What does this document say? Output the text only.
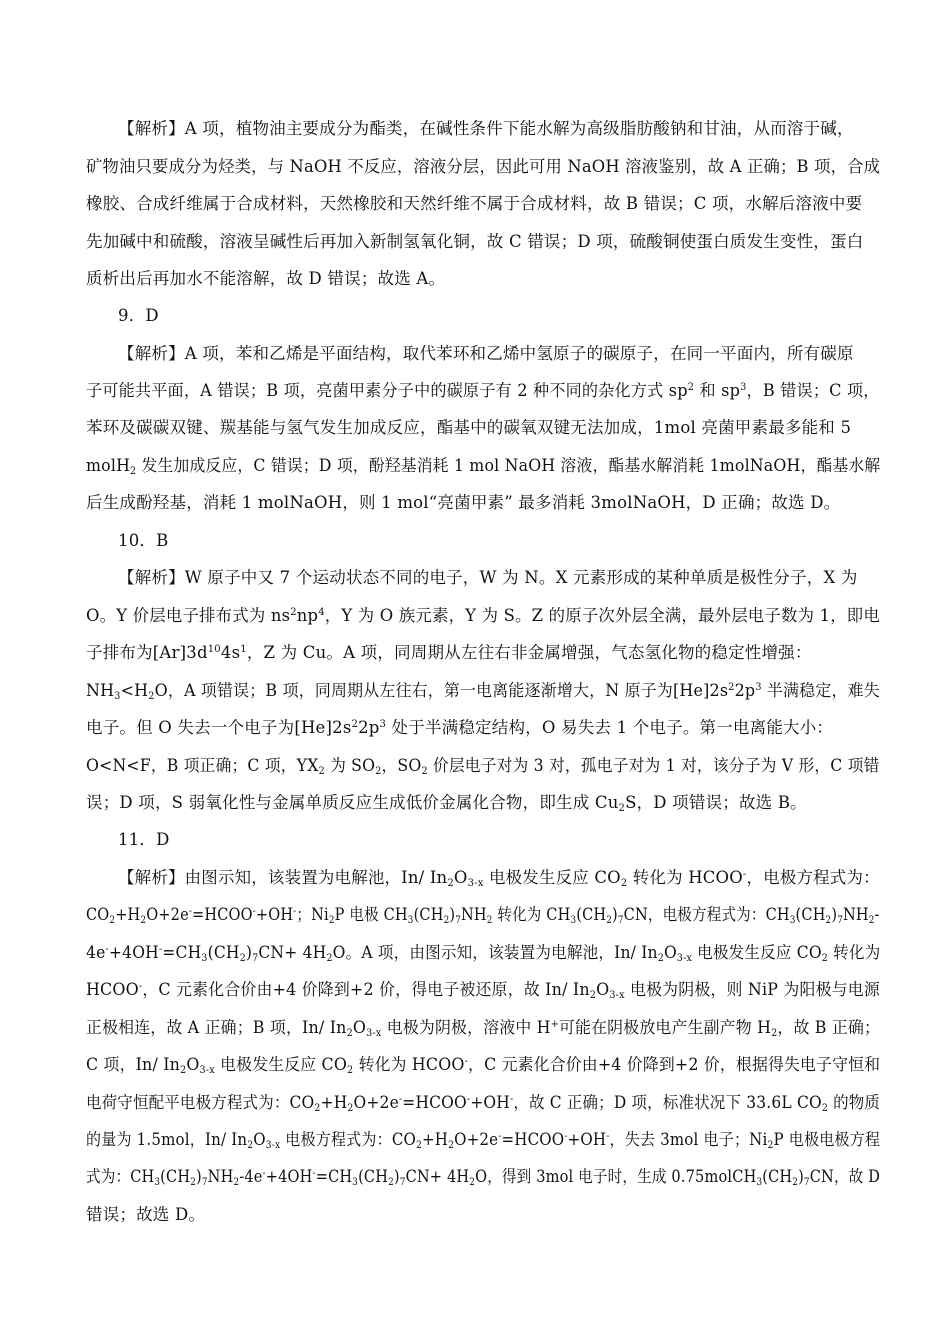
【解析】A 项，植物油主要成分为酯类，在碱性条件下能水解为高级脂肪酸钠和甘油，从而溶于碱，
矿物油只要成分为烃类，与 NaOH 不反应，溶液分层，因此可用 NaOH 溶液鉴别，故 A 正确；B 项，合成
橡胶、合成纤维属于合成材料，天然橡胶和天然纤维不属于合成材料，故 B 错误；C 项，水解后溶液中要
先加碱中和硫酸，溶液呈碱性后再加入新制氢氧化铜，故 C 错误；D 项，硫酸铜使蛋白质发生变性，蛋白
质析出后再加水不能溶解，故 D 错误；故选 A。
9．D
【解析】A 项，苯和乙烯是平面结构，取代苯环和乙烯中氢原子的碳原子，在同一平面内，所有碳原
子可能共平面，A 错误；B 项，亮菌甲素分子中的碳原子有 2 种不同的杂化方式 $sp^2$ 和 $sp^3$，B 错误；C 项，
苯环及碳碳双键、羰基能与氢气发生加成反应，酯基中的碳氧双键无法加成，1mol 亮菌甲素最多能和 5
molH$_2$ 发生加成反应，C 错误；D 项，酚羟基消耗 1 mol NaOH 溶液，酯基水解消耗 1molNaOH，酯基水解
后生成酚羟基，消耗 1 molNaOH，则 1 mol“亮菌甲素” 最多消耗 3molNaOH，D 正确；故选 D。
10．B
【解析】W 原子中又 7 个运动状态不同的电子，W 为 N。X 元素形成的某种单质是极性分子，X 为
O。Y 价层电子排布式为 $ns^2np^4$，Y 为 O 族元素，Y 为 S。Z 的原子次外层全满，最外层电子数为 1，即电
子排布为$[Ar]3d^{10}4s^1$，Z 为 Cu。A 项，同周期从左往右非金属增强，气态氢化物的稳定性增强：
$NH_3<H_2O$，A 项错误；B 项，同周期从左往右，第一电离能逐渐增大，N 原子为$[He]2s^22p^3$ 半满稳定，难失
电子。但 O 失去一个电子为$[He]2s^22p^3$ 处于半满稳定结构，O 易失去 1 个电子。第一电离能大小：
O<N<F，B 项正确；C 项，$YX_2$ 为 $SO_2$，$SO_2$ 价层电子对为 3 对，孤电子对为 1 对，该分子为 V 形，C 项错
误；D 项，S 弱氧化性与金属单质反应生成低价金属化合物，即生成 $Cu_2S$，D 项错误；故选 B。
11．D
【解析】由图示知，该装置为电解池，In/ $In_2O_{3-x}$ 电极发生反应 $CO_2$ 转化为 HCOO-，电极方程式为：
$CO_2+H_2O+2e^-=HCOO^-+OH^-$；$Ni_2P$ 电极 $CH_3(CH_2)_7NH_2$ 转化为 $CH_3(CH_2)_7CN$，电极方程式为：$CH_3(CH_2)_7NH_2-$
$4e^-+4OH^-=CH_3(CH_2)_7CN+ 4H_2O$。A 项，由图示知，该装置为电解池，In/ $In_2O_{3-x}$ 电极发生反应 $CO_2$ 转化为
HCOO-，C 元素化合价由+4 价降到+2 价，得电子被还原，故 In/ $In_2O_{3-x}$ 电极为阴极，则 NiP 为阳极与电源
正极相连，故 A 正确；B 项，In/ $In_2O_{3-x}$ 电极为阴极，溶液中 H+可能在阴极放电产生副产物 $H_2$，故 B 正确；
C 项，In/ $In_2O_{3-x}$ 电极发生反应 $CO_2$ 转化为 HCOO-，C 元素化合价由+4 价降到+2 价，根据得失电子守恒和
电荷守恒配平电极方程式为：$CO_2+H_2O+2e^-=HCOO^-+OH^-$，故 C 正确；D 项，标准状况下 33.6L $CO_2$ 的物质
的量为 1.5mol，In/ $In_2O_{3-x}$ 电极方程式为：$CO_2+H_2O+2e^-=HCOO^-+OH^-$，失去 3mol 电子；$Ni_2P$ 电极电极方程
式为：$CH_3(CH_2)_7NH_2-4e^-+4OH^-=CH_3(CH_2)_7CN+ 4H_2O$，得到 3mol 电子时，生成 $0.75molCH_3(CH_2)_7CN$，故 D
错误；故选 D。
